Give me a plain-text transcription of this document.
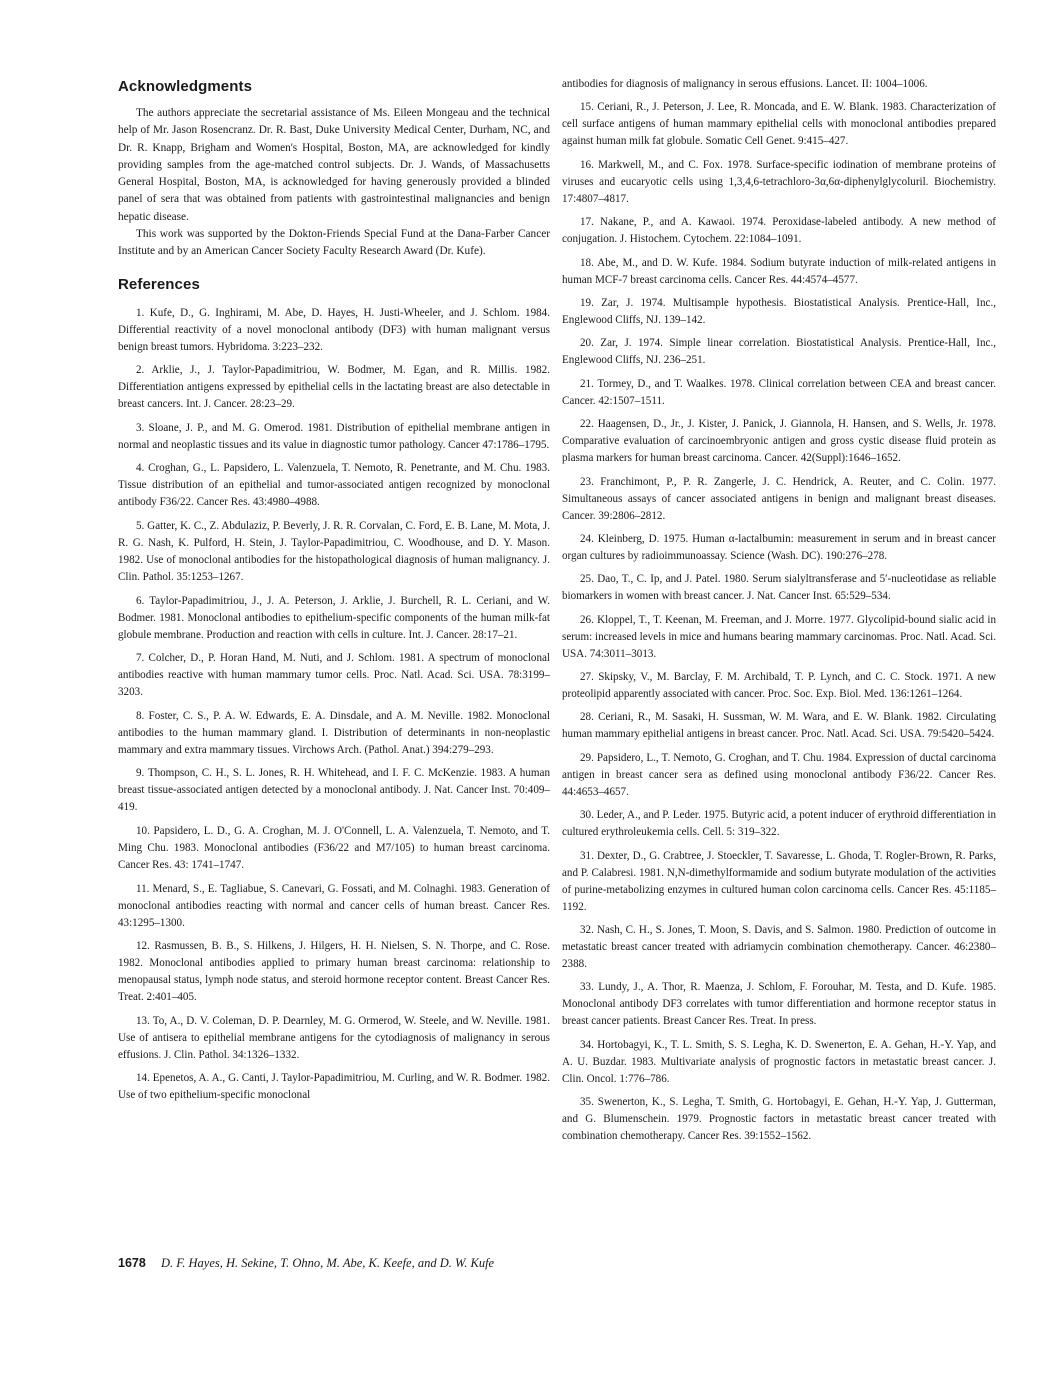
Acknowledgments

The authors appreciate the secretarial assistance of Ms. Eileen Mongeau and the technical help of Mr. Jason Rosencranz. Dr. R. Bast, Duke University Medical Center, Durham, NC, and Dr. R. Knapp, Brigham and Women's Hospital, Boston, MA, are acknowledged for kindly providing samples from the age-matched control subjects. Dr. J. Wands, of Massachusetts General Hospital, Boston, MA, is acknowledged for having generously provided a blinded panel of sera that was obtained from patients with gastrointestinal malignancies and benign hepatic disease.

This work was supported by the Dokton-Friends Special Fund at the Dana-Farber Cancer Institute and by an American Cancer Society Faculty Research Award (Dr. Kufe).

References
1. Kufe, D., G. Inghirami, M. Abe, D. Hayes, H. Justi-Wheeler, and J. Schlom. 1984. Differential reactivity of a novel monoclonal antibody (DF3) with human malignant versus benign breast tumors. Hybridoma. 3:223–232.
2. Arklie, J., J. Taylor-Papadimitriou, W. Bodmer, M. Egan, and R. Millis. 1982. Differentiation antigens expressed by epithelial cells in the lactating breast are also detectable in breast cancers. Int. J. Cancer. 28:23–29.
3. Sloane, J. P., and M. G. Omerod. 1981. Distribution of epithelial membrane antigen in normal and neoplastic tissues and its value in diagnostic tumor pathology. Cancer 47:1786–1795.
4. Croghan, G., L. Papsidero, L. Valenzuela, T. Nemoto, R. Penetrante, and M. Chu. 1983. Tissue distribution of an epithelial and tumor-associated antigen recognized by monoclonal antibody F36/22. Cancer Res. 43:4980–4988.
5. Gatter, K. C., Z. Abdulaziz, P. Beverly, J. R. R. Corvalan, C. Ford, E. B. Lane, M. Mota, J. R. G. Nash, K. Pulford, H. Stein, J. Taylor-Papadimitriou, C. Woodhouse, and D. Y. Mason. 1982. Use of monoclonal antibodies for the histopathological diagnosis of human malignancy. J. Clin. Pathol. 35:1253–1267.
6. Taylor-Papadimitriou, J., J. A. Peterson, J. Arklie, J. Burchell, R. L. Ceriani, and W. Bodmer. 1981. Monoclonal antibodies to epithelium-specific components of the human milk-fat globule membrane. Production and reaction with cells in culture. Int. J. Cancer. 28:17–21.
7. Colcher, D., P. Horan Hand, M. Nuti, and J. Schlom. 1981. A spectrum of monoclonal antibodies reactive with human mammary tumor cells. Proc. Natl. Acad. Sci. USA. 78:3199–3203.
8. Foster, C. S., P. A. W. Edwards, E. A. Dinsdale, and A. M. Neville. 1982. Monoclonal antibodies to the human mammary gland. I. Distribution of determinants in non-neoplastic mammary and extra mammary tissues. Virchows Arch. (Pathol. Anat.) 394:279–293.
9. Thompson, C. H., S. L. Jones, R. H. Whitehead, and I. F. C. McKenzie. 1983. A human breast tissue-associated antigen detected by a monoclonal antibody. J. Nat. Cancer Inst. 70:409–419.
10. Papsidero, L. D., G. A. Croghan, M. J. O'Connell, L. A. Valenzuela, T. Nemoto, and T. Ming Chu. 1983. Monoclonal antibodies (F36/22 and M7/105) to human breast carcinoma. Cancer Res. 43: 1741–1747.
11. Menard, S., E. Tagliabue, S. Canevari, G. Fossati, and M. Colnaghi. 1983. Generation of monoclonal antibodies reacting with normal and cancer cells of human breast. Cancer Res. 43:1295–1300.
12. Rasmussen, B. B., S. Hilkens, J. Hilgers, H. H. Nielsen, S. N. Thorpe, and C. Rose. 1982. Monoclonal antibodies applied to primary human breast carcinoma: relationship to menopausal status, lymph node status, and steroid hormone receptor content. Breast Cancer Res. Treat. 2:401–405.
13. To, A., D. V. Coleman, D. P. Dearnley, M. G. Ormerod, W. Steele, and W. Neville. 1981. Use of antisera to epithelial membrane antigens for the cytodiagnosis of malignancy in serous effusions. J. Clin. Pathol. 34:1326–1332.
14. Epenetos, A. A., G. Canti, J. Taylor-Papadimitriou, M. Curling, and W. R. Bodmer. 1982. Use of two epithelium-specific monoclonal
antibodies for diagnosis of malignancy in serous effusions. Lancet. II: 1004–1006.
15. Ceriani, R., J. Peterson, J. Lee, R. Moncada, and E. W. Blank. 1983. Characterization of cell surface antigens of human mammary epithelial cells with monoclonal antibodies prepared against human milk fat globule. Somatic Cell Genet. 9:415–427.
16. Markwell, M., and C. Fox. 1978. Surface-specific iodination of membrane proteins of viruses and eucaryotic cells using 1,3,4,6-tetrachloro-3α,6α-diphenylglycoluril. Biochemistry. 17:4807–4817.
17. Nakane, P., and A. Kawaoi. 1974. Peroxidase-labeled antibody. A new method of conjugation. J. Histochem. Cytochem. 22:1084–1091.
18. Abe, M., and D. W. Kufe. 1984. Sodium butyrate induction of milk-related antigens in human MCF-7 breast carcinoma cells. Cancer Res. 44:4574–4577.
19. Zar, J. 1974. Multisample hypothesis. Biostatistical Analysis. Prentice-Hall, Inc., Englewood Cliffs, NJ. 139–142.
20. Zar, J. 1974. Simple linear correlation. Biostatistical Analysis. Prentice-Hall, Inc., Englewood Cliffs, NJ. 236–251.
21. Tormey, D., and T. Waalkes. 1978. Clinical correlation between CEA and breast cancer. Cancer. 42:1507–1511.
22. Haagensen, D., Jr., J. Kister, J. Panick, J. Giannola, H. Hansen, and S. Wells, Jr. 1978. Comparative evaluation of carcinoembryonic antigen and gross cystic disease fluid protein as plasma markers for human breast carcinoma. Cancer. 42(Suppl):1646–1652.
23. Franchimont, P., P. R. Zangerle, J. C. Hendrick, A. Reuter, and C. Colin. 1977. Simultaneous assays of cancer associated antigens in benign and malignant breast diseases. Cancer. 39:2806–2812.
24. Kleinberg, D. 1975. Human α-lactalbumin: measurement in serum and in breast cancer organ cultures by radioimmunoassay. Science (Wash. DC). 190:276–278.
25. Dao, T., C. Ip, and J. Patel. 1980. Serum sialyltransferase and 5′-nucleotidase as reliable biomarkers in women with breast cancer. J. Nat. Cancer Inst. 65:529–534.
26. Kloppel, T., T. Keenan, M. Freeman, and J. Morre. 1977. Glycolipid-bound sialic acid in serum: increased levels in mice and humans bearing mammary carcinomas. Proc. Natl. Acad. Sci. USA. 74:3011–3013.
27. Skipsky, V., M. Barclay, F. M. Archibald, T. P. Lynch, and C. C. Stock. 1971. A new proteolipid apparently associated with cancer. Proc. Soc. Exp. Biol. Med. 136:1261–1264.
28. Ceriani, R., M. Sasaki, H. Sussman, W. M. Wara, and E. W. Blank. 1982. Circulating human mammary epithelial antigens in breast cancer. Proc. Natl. Acad. Sci. USA. 79:5420–5424.
29. Papsidero, L., T. Nemoto, G. Croghan, and T. Chu. 1984. Expression of ductal carcinoma antigen in breast cancer sera as defined using monoclonal antibody F36/22. Cancer Res. 44:4653–4657.
30. Leder, A., and P. Leder. 1975. Butyric acid, a potent inducer of erythroid differentiation in cultured erythroleukemia cells. Cell. 5: 319–322.
31. Dexter, D., G. Crabtree, J. Stoeckler, T. Savaresse, L. Ghoda, T. Rogler-Brown, R. Parks, and P. Calabresi. 1981. N,N-dimethylformamide and sodium butyrate modulation of the activities of purine-metabolizing enzymes in cultured human colon carcinoma cells. Cancer Res. 45:1185–1192.
32. Nash, C. H., S. Jones, T. Moon, S. Davis, and S. Salmon. 1980. Prediction of outcome in metastatic breast cancer treated with adriamycin combination chemotherapy. Cancer. 46:2380–2388.
33. Lundy, J., A. Thor, R. Maenza, J. Schlom, F. Forouhar, M. Testa, and D. Kufe. 1985. Monoclonal antibody DF3 correlates with tumor differentiation and hormone receptor status in breast cancer patients. Breast Cancer Res. Treat. In press.
34. Hortobagyi, K., T. L. Smith, S. S. Legha, K. D. Swenerton, E. A. Gehan, H.-Y. Yap, and A. U. Buzdar. 1983. Multivariate analysis of prognostic factors in metastatic breast cancer. J. Clin. Oncol. 1:776–786.
35. Swenerton, K., S. Legha, T. Smith, G. Hortobagyi, E. Gehan, H.-Y. Yap, J. Gutterman, and G. Blumenschein. 1979. Prognostic factors in metastatic breast cancer treated with combination chemotherapy. Cancer Res. 39:1552–1562.
1678 D. F. Hayes, H. Sekine, T. Ohno, M. Abe, K. Keefe, and D. W. Kufe
